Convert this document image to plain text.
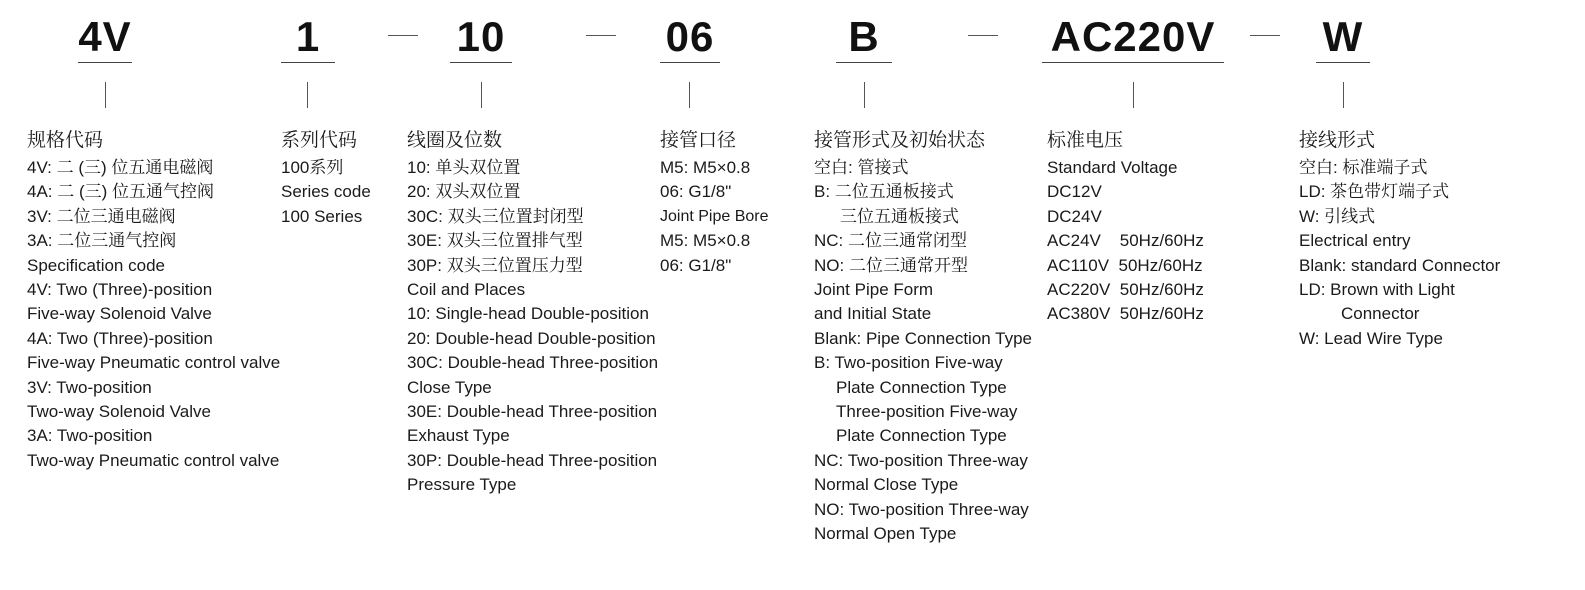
4V	1	10	06	B	AC220V	W
规格代码
4V: 二 (三) 位五通电磁阀
4A: 二 (三) 位五通气控阀
3V: 二位三通电磁阀
3A: 二位三通气控阀
Specification code
4V: Two (Three)-position
Five-way Solenoid Valve
4A: Two (Three)-position
Five-way Pneumatic control valve
3V: Two-position
Two-way Solenoid Valve
3A: Two-position
Two-way Pneumatic control valve
系列代码
100系列
Series code
100 Series
线圈及位数
10: 单头双位置
20: 双头双位置
30C: 双头三位置封闭型
30E: 双头三位置排气型
30P: 双头三位置压力型
Coil and Places
10: Single-head Double-position
20: Double-head Double-position
30C: Double-head Three-position
Close Type
30E: Double-head Three-position
Exhaust Type
30P: Double-head Three-position
Pressure Type
接管口径
M5: M5×0.8
06: G1/8"
Joint Pipe Bore
M5: M5×0.8
06: G1/8"
接管形式及初始状态
空白: 管接式
B: 二位五通板接式
三位五通板接式
NC: 二位三通常闭型
NO: 二位三通常开型
Joint Pipe Form
and Initial State
Blank: Pipe Connection Type
B: Two-position Five-way
Plate Connection Type
Three-position Five-way
Plate Connection Type
NC: Two-position Three-way
Normal Close Type
NO: Two-position Three-way
Normal Open Type
标准电压
Standard Voltage
DC12V
DC24V
AC24V    50Hz/60Hz
AC110V  50Hz/60Hz
AC220V  50Hz/60Hz
AC380V  50Hz/60Hz
接线形式
空白: 标准端子式
LD: 茶色带灯端子式
W: 引线式
Electrical entry
Blank: standard Connector
LD: Brown with Light
Connector
W: Lead Wire Type
